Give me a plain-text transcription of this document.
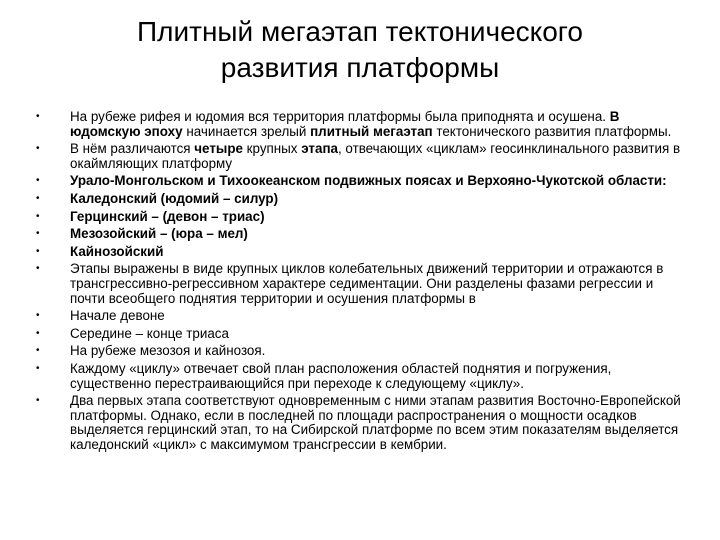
Плитный мегаэтап тектонического
развития платформы
• На рубеже рифея и юдомия вся территория платформы была приподнята и осушена. В юдомскую эпоху начинается зрелый плитный мегаэтап тектонического развития платформы.
• В нём различаются четыре крупных этапа, отвечающих «циклам» геосинклинального развития в окаймляющих платформу
• Урало-Монгольском и Тихоокеанском подвижных поясах и Верхояно-Чукотской области:
• Каледонский (юдомий – силур)
• Герцинский – (девон – триас)
• Мезозойский – (юра – мел)
• Кайнозойский
• Этапы выражены в виде крупных циклов колебательных движений территории и отражаются в трансгрессивно-регрессивном характере седиментации. Они разделены фазами регрессии и почти всеобщего поднятия территории и осушения платформы в
• Начале девоне
• Середине – конце триаса
• На рубеже мезозоя и кайнозоя.
• Каждому «циклу» отвечает свой план расположения областей поднятия и погружения, существенно перестраивающийся при переходе к следующему «циклу».
• Два первых этапа соответствуют одновременным с ними этапам развития Восточно-Европейской платформы. Однако, если в последней по площади распространения о мощности осадков выделяется герцинский этап, то на Сибирской платформе по всем этим показателям выделяется каледонский «цикл» с максимумом трансгрессии в кембрии.
